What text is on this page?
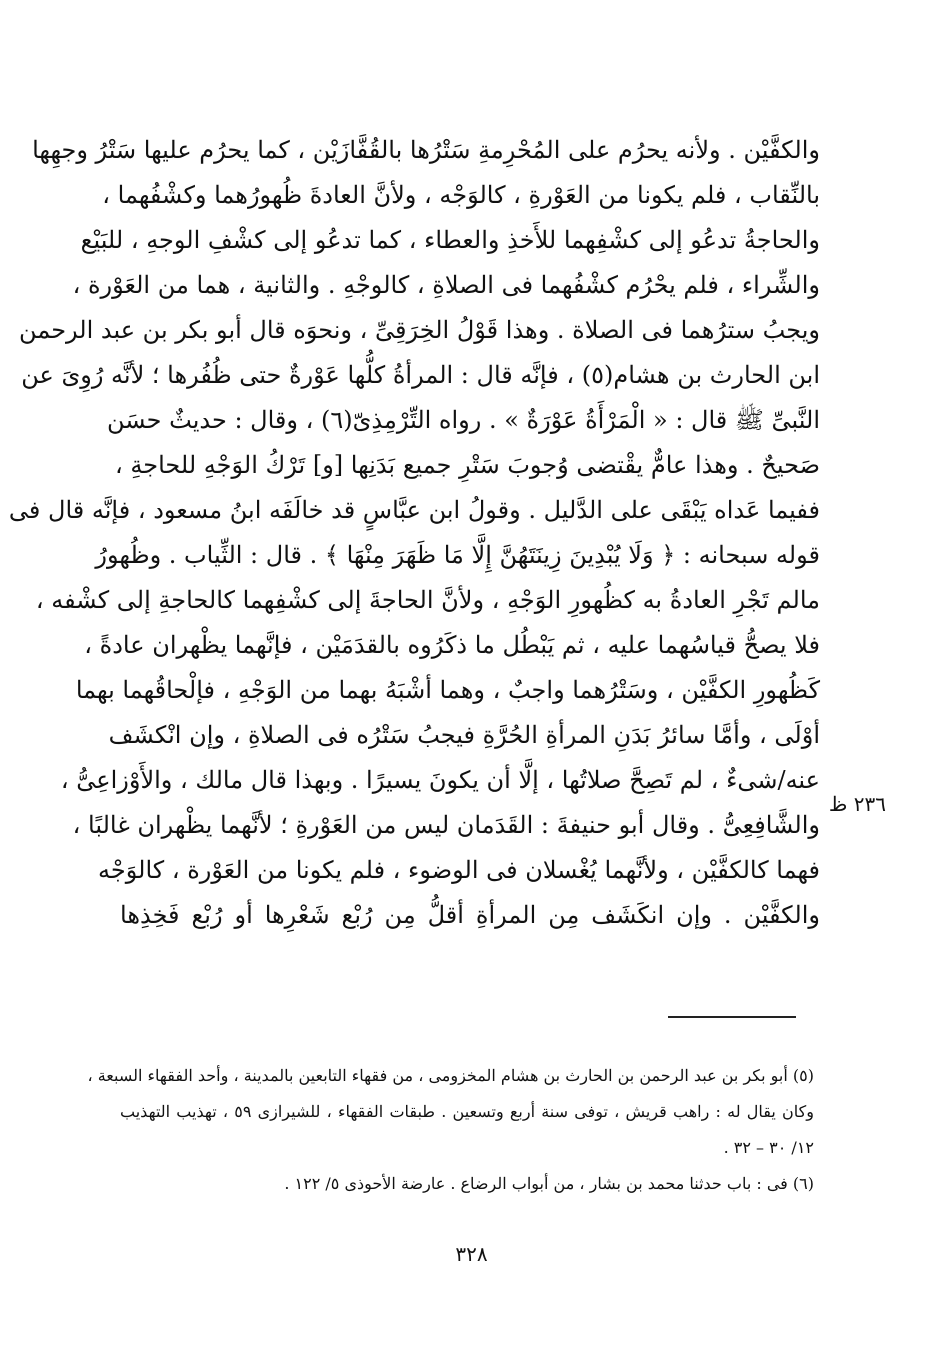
والكفَّيْن . ولأنه يحرُم على المُحْرِمةِ سَتْرُها بالقُفَّازَيْن ، كما يحرُم عليها سَتْرُ وجهِها
بالنِّقاب ، فلم يكونا من العَوْرةِ ، كالوَجْه ، ولأنَّ العادةَ ظُهورُهما وكشْفُهما ،
والحاجةُ تدعُو إلى كشْفِهما للأَخذِ والعطاء ، كما تدعُو إلى كشْفِ الوجهِ ، للبَيْع
والشِّراء ، فلم يحْرُم كشْفُهما فى الصلاةِ ، كالوجْهِ . والثانية ، هما من العَوْرة ،
ويجبُ سترُهما فى الصلاة . وهذا قَوْلُ الخِرَقِىِّ ، ونحوَه قال أبو بكر بن عبد الرحمن
ابن الحارث بن هشام(٥) ، فإنَّه قال : المرأةُ كلُّها عَوْرةٌ حتى ظُفُرها ؛ لأنَّه رُوِىَ عن
النَّبىِّ ﷺ قال : « الْمَرْأَةُ عَوْرَةٌ » . رواه التِّرْمِذِىّ(٦) ، وقال : حديثٌ حسَن
صَحيحٌ . وهذا عامٌّ يقْتضى وُجوبَ سَتْرِ جميع بَدَنِها [و] تَرْكُ الوَجْهِ للحاجةِ ،
ففيما عَداه يَبْقَى على الدَّليل . وقولُ ابن عبَّاسٍ قد خالَفَه ابنُ مسعود ، فإنَّه قال فى
قوله سبحانه : ﴿ وَلَا يُبْدِينَ زِينَتَهُنَّ إِلَّا مَا ظَهَرَ مِنْهَا ﴾ . قال : الثِّياب . وظُهورُ
مالم تَجْرِ العادةُ به كظُهورِ الوَجْهِ ، ولأنَّ الحاجةَ إلى كشْفِهما كالحاجةِ إلى كشْفه ،
فلا يصحُّ قياسُهما عليه ، ثم يَبْطُل ما ذكَرُوه بالقدَمَيْن ، فإنَّهما يظْهران عادةً ،
كَظُهورِ الكفَّيْن ، وسَتْرُهما واجبٌ ، وهما أشْبَهُ بهما من الوَجْهِ ، فإلْحاقُهما بهما
أوْلَى ، وأمَّا سائرُ بَدَنِ المرأةِ الحُرَّةِ فيجبُ سَتْرُه فى الصلاةِ ، وإن انْكشَف
عنه/شىءٌ ، لم تَصِحَّ صلاتُها ، إلَّا أن يكونَ يسيرًا . وبهذا قال مالك ، والأَوْزاعِىُّ ،
والشَّافِعِىُّ . وقال أبو حنيفةَ : القَدَمان ليس من العَوْرةِ ؛ لأنَّهما يظْهران غالبًا ،
فهما كالكفَّيْن ، ولأنَّهما يُغْسلان فى الوضوء ، فلم يكونا من العَوْرة ، كالوَجْه
والكفَّيْن . وإن انكَشَف مِن المرأةِ أقلُّ مِن رُبْع شَعْرِها أو رُبْع فَخِذِها
٢٣٦ ظ
(٥) أبو بكر بن عبد الرحمن بن الحارث بن هشام المخزومى ، من فقهاء التابعين بالمدينة ، وأحد الفقهاء السبعة ،
وكان يقال له : راهب قريش ، توفى سنة أربع وتسعين . طبقات الفقهاء ، للشيرازى ٥٩ ، تهذيب التهذيب
١٢/ ٣٠ – ٣٢ .
(٦) فى : باب حدثنا محمد بن بشار ، من أبواب الرضاع . عارضة الأحوذى ٥/ ١٢٢ .
٣٢٨
